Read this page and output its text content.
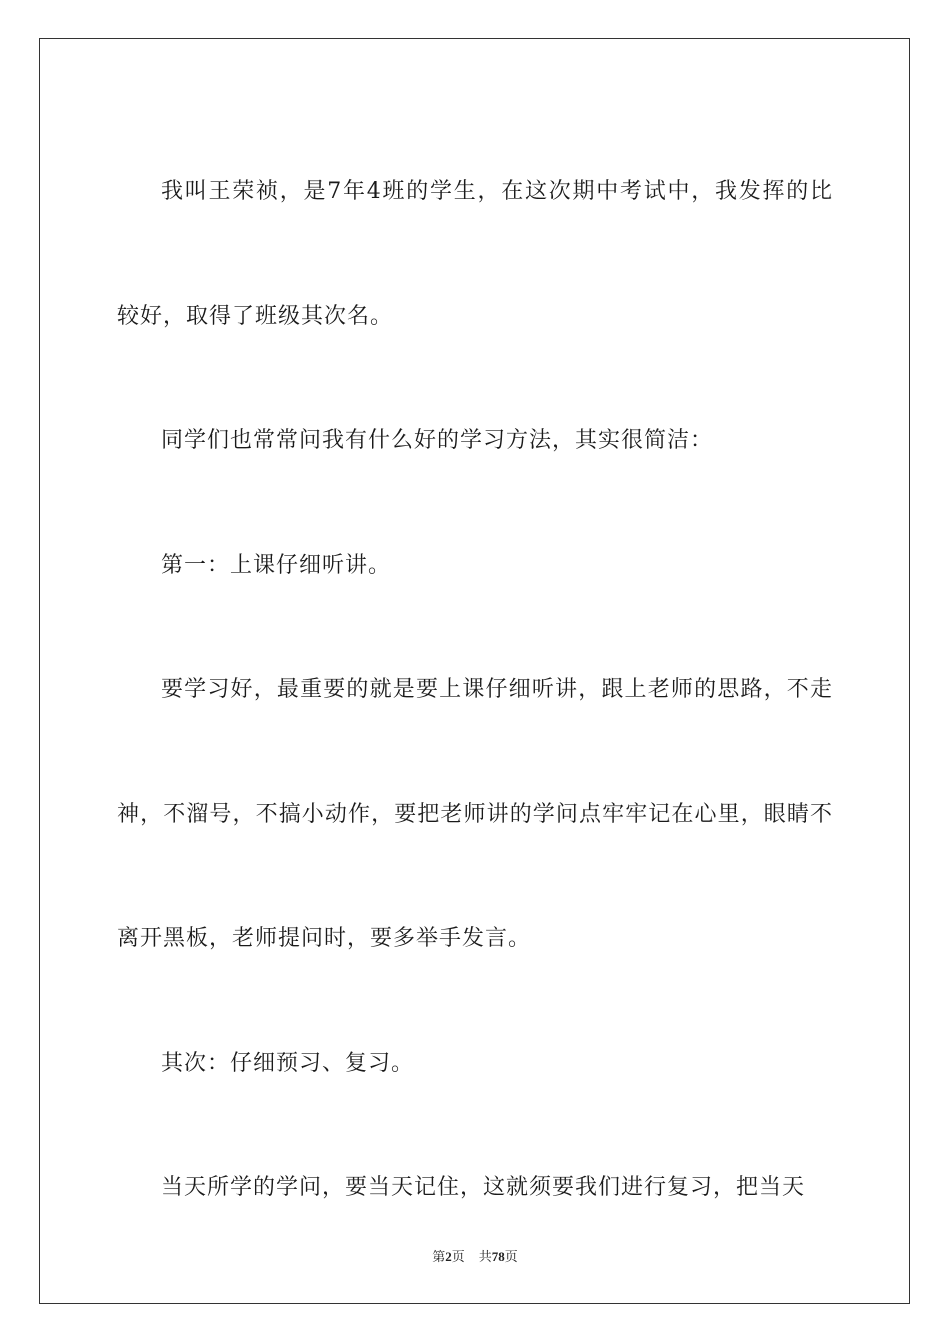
我叫王荣祯，是7年4班的学生，在这次期中考试中，我发挥的比较好，取得了班级其次名。

同学们也常常问我有什么好的学习方法，其实很简洁：

第一：上课仔细听讲。

要学习好，最重要的就是要上课仔细听讲，跟上老师的思路，不走神，不溜号，不搞小动作，要把老师讲的学问点牢牢记在心里，眼睛不离开黑板，老师提问时，要多举手发言。

其次：仔细预习、复习。

当天所学的学问，要当天记住，这就须要我们进行复习，把当天

第2页 共78页
